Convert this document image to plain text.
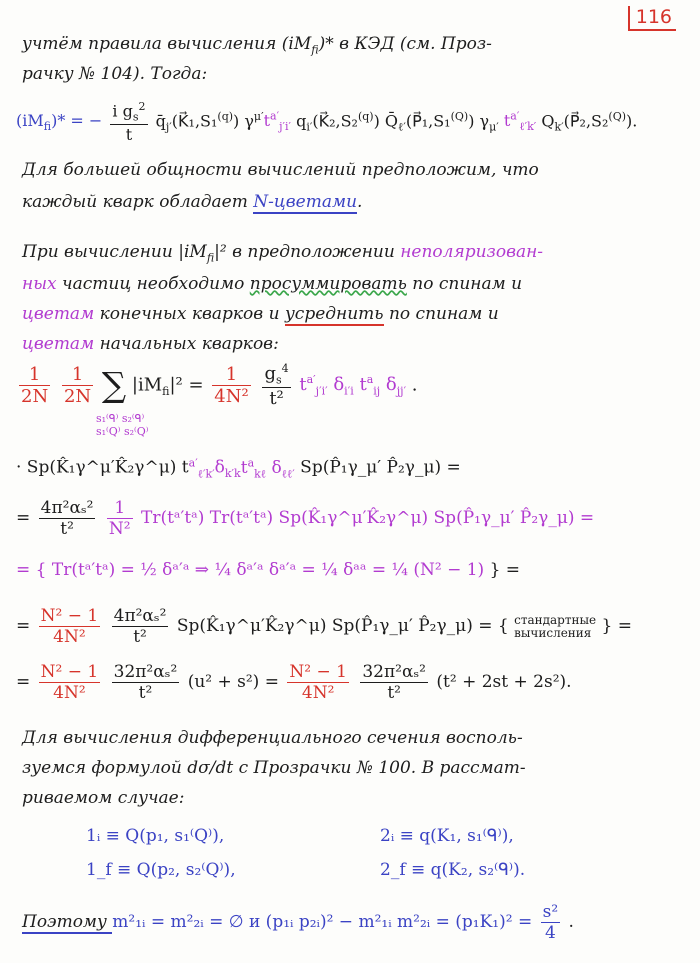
116
учтём правила вычисления $(iM_{fi})*$ в КЭД (см. Проз-
рачку № 104). Тогда:
$(iM_{fi})*$ = − $\frac{i g_s^2}{t}$ $q̄_{j'}(K⃗_1,S_1^{(q)})$ $\gamma^{\mu'}t^{a'}_{j'i'}$ $q_{i'}(K⃗_2,S_2^{(q)})$ $Q̄_{\ell'}(P⃗_1,S_1^{(Q)})$ $\gamma_{\mu'}$ $t^{a'}_{\ell'k'}$ $Q_{k'}(P⃗_2,S_2^{(Q)})$.
Для большей общности вычислений предположим, что
каждый кварк обладает N-цветами.
При вычислении $|iM_{fi}|^2$ в предположении неполяризован-
ных частиц необходимо просуммировать по спинам и
цветам конечных кварков и усреднить по спинам и
цветам начальных кварков:
$\frac{1}{2N}$
$\frac{1}{2N}$ ∑ $|iM_{fi}|^2 = \frac{1}{\text{4N²}}$
$\frac{g_s^4}{\text{t²}} t^{a'}_{j'i'}$ $\delta_{i'i}$ $t^a_{ij}$ $\delta_{jj'}$ .
s₁⁽ᑫ⁾ s₂⁽ᑫ⁾ s₁⁽Q⁾ s₂⁽Q⁾
· Sp(K̂₁γ^μ′K̂₂γ^μ) $t^{a'}_{\ell'k'}\delta_{k'k}t^a_{k\ell}$ $\delta_{\ell\ell'}$ Sp(P̂₁γ_μ′ P̂₂γ_μ) =
= $\frac{\text{4π²αₛ²}}{\text{t²}}$
$\frac{1}{\text{N²}}$ Tr(tᵃ′tᵃ) Tr(tᵃ′tᵃ) Sp(K̂₁γ^μ′K̂₂γ^μ) Sp(P̂₁γ_μ′ P̂₂γ_μ) =
= { Tr(tᵃ′tᵃ) = ½ δᵃ′ᵃ ⇒ ¼ δᵃ′ᵃ δᵃ′ᵃ = ¼ δᵃᵃ = ¼ (N² − 1) } =
= $\frac{\text{N² − 1}}{\text{4N²}}$
$\frac{\text{4π²αₛ²}}{\text{t²}}$ Sp(K̂₁γ^μ′K̂₂γ^μ) Sp(P̂₁γ_μ′ P̂₂γ_μ) = { стандартные
вычисления } =
= $\frac{\text{N² − 1}}{\text{4N²}}$
$\frac{\text{32π²αₛ²}}{\text{t²}} (u^2 + s^2) = \frac{\text{N² − 1}}{\text{4N²}}$
$\frac{\text{32π²αₛ²}}{\text{t²}} (t^2 + 2st + 2s^2)$.
Для вычисления дифференциального сечения восполь-
зуемся формулой dσ/dt с Прозрачки № 100. В рассмат-
риваемом случае:
1ᵢ ≡ Q(p₁, s₁⁽Q⁾),	2ᵢ ≡ q(K₁, s₁⁽ᑫ⁾),
1_f ≡ Q(p₂, s₂⁽Q⁾),	2_f ≡ q(K₂, s₂⁽ᑫ⁾).
Поэтому m²₁ᵢ = m²₂ᵢ = ∅ и (p₁ᵢ p₂ᵢ)² − m²₁ᵢ m²₂ᵢ = $(p_1K_1)^2 = \frac{\text{s²}}{4}$ .
